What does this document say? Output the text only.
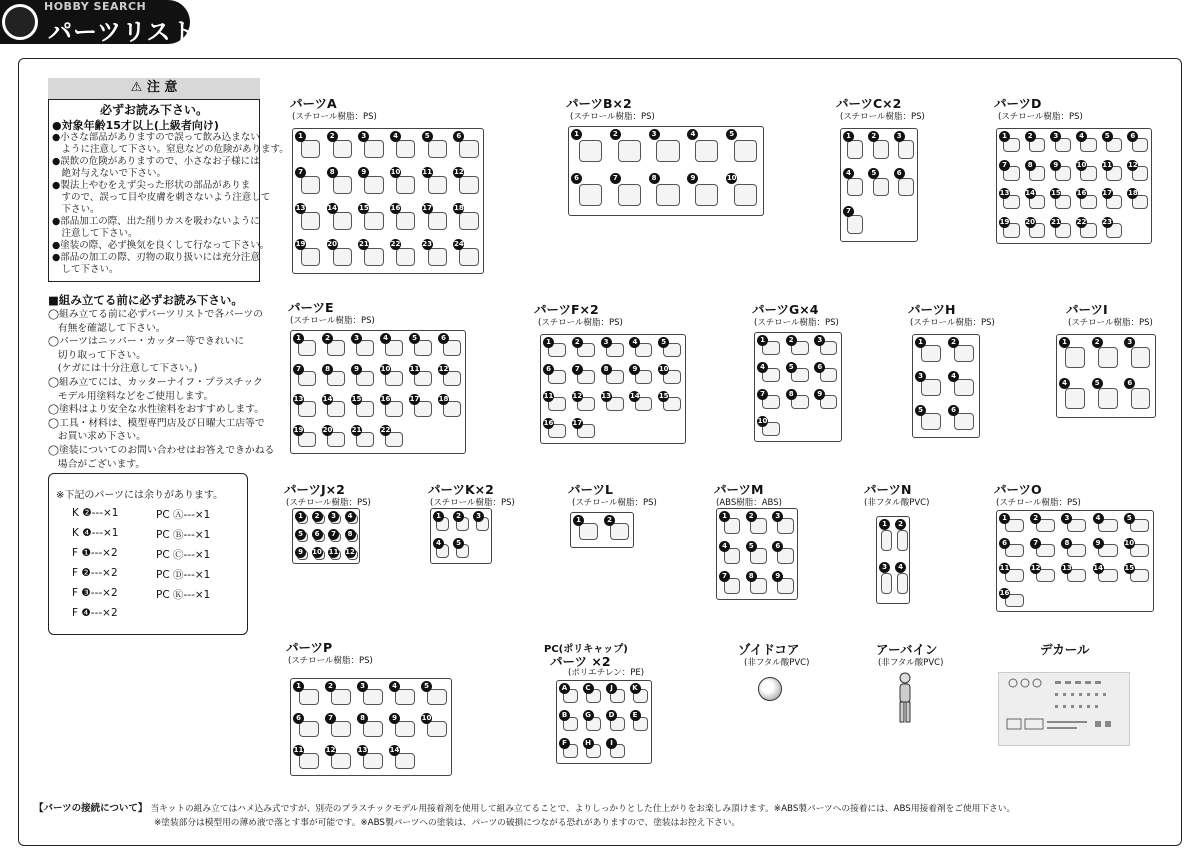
HOBBY SEARCH
パーツリスト
⚠ 注 意
必ずお読み下さい。
●対象年齢15才以上(上級者向け)
●小さな部品がありますので誤って飲み込まない
　ように注意して下さい。窒息などの危険があります。
●誤飲の危険がありますので、小さなお子様には
　絶対与えないで下さい。
●製法上やむをえず尖った形状の部品がありま
　すので、誤って目や皮膚を刺さないよう注意して
　下さい。
●部品加工の際、出た削りカスを吸わないように
　注意して下さい。
●塗装の際、必ず換気を良くして行なって下さい。
●部品の加工の際、刃物の取り扱いには充分注意
　して下さい。
■組み立てる前に必ずお読み下さい。
◯組み立てる前に必ずパーツリストで各パーツの
　有無を確認して下さい。
◯パーツはニッパー・カッター等できれいに
　切り取って下さい。
　(ケガには十分注意して下さい。)
◯組み立てには、カッターナイフ・プラスチック
　モデル用塗料などをご使用します。
◯塗料はより安全な水性塗料をおすすめします。
◯工具・材料は、模型専門店及び日曜大工店等で
　お買い求め下さい。
◯塗装についてのお問い合わせはお答えできかねる
　場合がございます。
※下記のパーツには余りがあります。
K ❷---×1
K ❹---×1
F ❶---×2
F ❷---×2
F ❸---×2
F ❹---×2
PC Ⓐ---×1
PC Ⓑ---×1
PC Ⓒ---×1
PC Ⓓ---×1
PC Ⓚ---×1
パーツA
(スチロール樹脂：PS)
1	2	3	4	5	6
7	8	9	10	11	12
13	14	15	16	17	18
19	20	21	22	23	24
パーツB×2
(スチロール樹脂：PS)
1	2	3	4	5
6	7	8	9	10
パーツC×2
(スチロール樹脂：PS)
1	2	3
4	5	6
7
パーツD
(スチロール樹脂：PS)
1	2	3	4	5	6
7	8	9	10 11 12
13 14 15 16 17 18
19 20 21 22 23
パーツE
(スチロール樹脂：PS)
1	2	3	4	5	6
7	8	9	10	11	12
13	14	15	16	17	18
19	20	21	22
パーツF×2
(スチロール樹脂：PS)
1	2	3	4	5
6	7	8	9	10
11	12	13	14	15
16	17
パーツG×4
(スチロール樹脂：PS)
1	2	3
4	5	6
7	8	9
10
パーツH
(スチロール樹脂：PS)
1	2
3	4
5	6
パーツI
(スチロール樹脂：PS)
1	2	3
4	5	6
パーツJ×2
(スチロール樹脂：PS)
1	2	3	4
5	6	7	8
9	10 11 12
パーツK×2
(スチロール樹脂：PS)
1	2	3
4	5
パーツL
(スチロール樹脂：PS)
1	2
パーツM
(ABS樹脂：ABS)
1	2	3
4	5	6
7	8	9
パーツN
(非フタル酸PVC)
1	2
3	4
パーツO
(スチロール樹脂：PS)
1	2	3	4	5
6	7	8	9	10
11	12	13	14	15
16
パーツP
(スチロール樹脂：PS)
1	2	3	4	5
6	7	8	9	10
11	12	13	14
PC(ポリキャップ)
パーツ ×2
(ポリエチレン：PE)
A	C	J	K
B	G	D	E
F	H	I
ゾイドコア
(非フタル酸PVC)
アーバイン
(非フタル酸PVC)
デカール
【パーツの接続について】 当キットの組み立てはハメ込み式ですが、別売のプラスチックモデル用接着剤を使用して組み立てることで、よりしっかりとした仕上がりをお楽しみ頂けます。※ABS製パーツへの接着には、ABS用接着剤をご使用下さい。
※塗装部分は模型用の薄め液で落とす事が可能です。※ABS製パーツへの塗装は、パーツの破損につながる恐れがありますので、塗装はお控え下さい。
